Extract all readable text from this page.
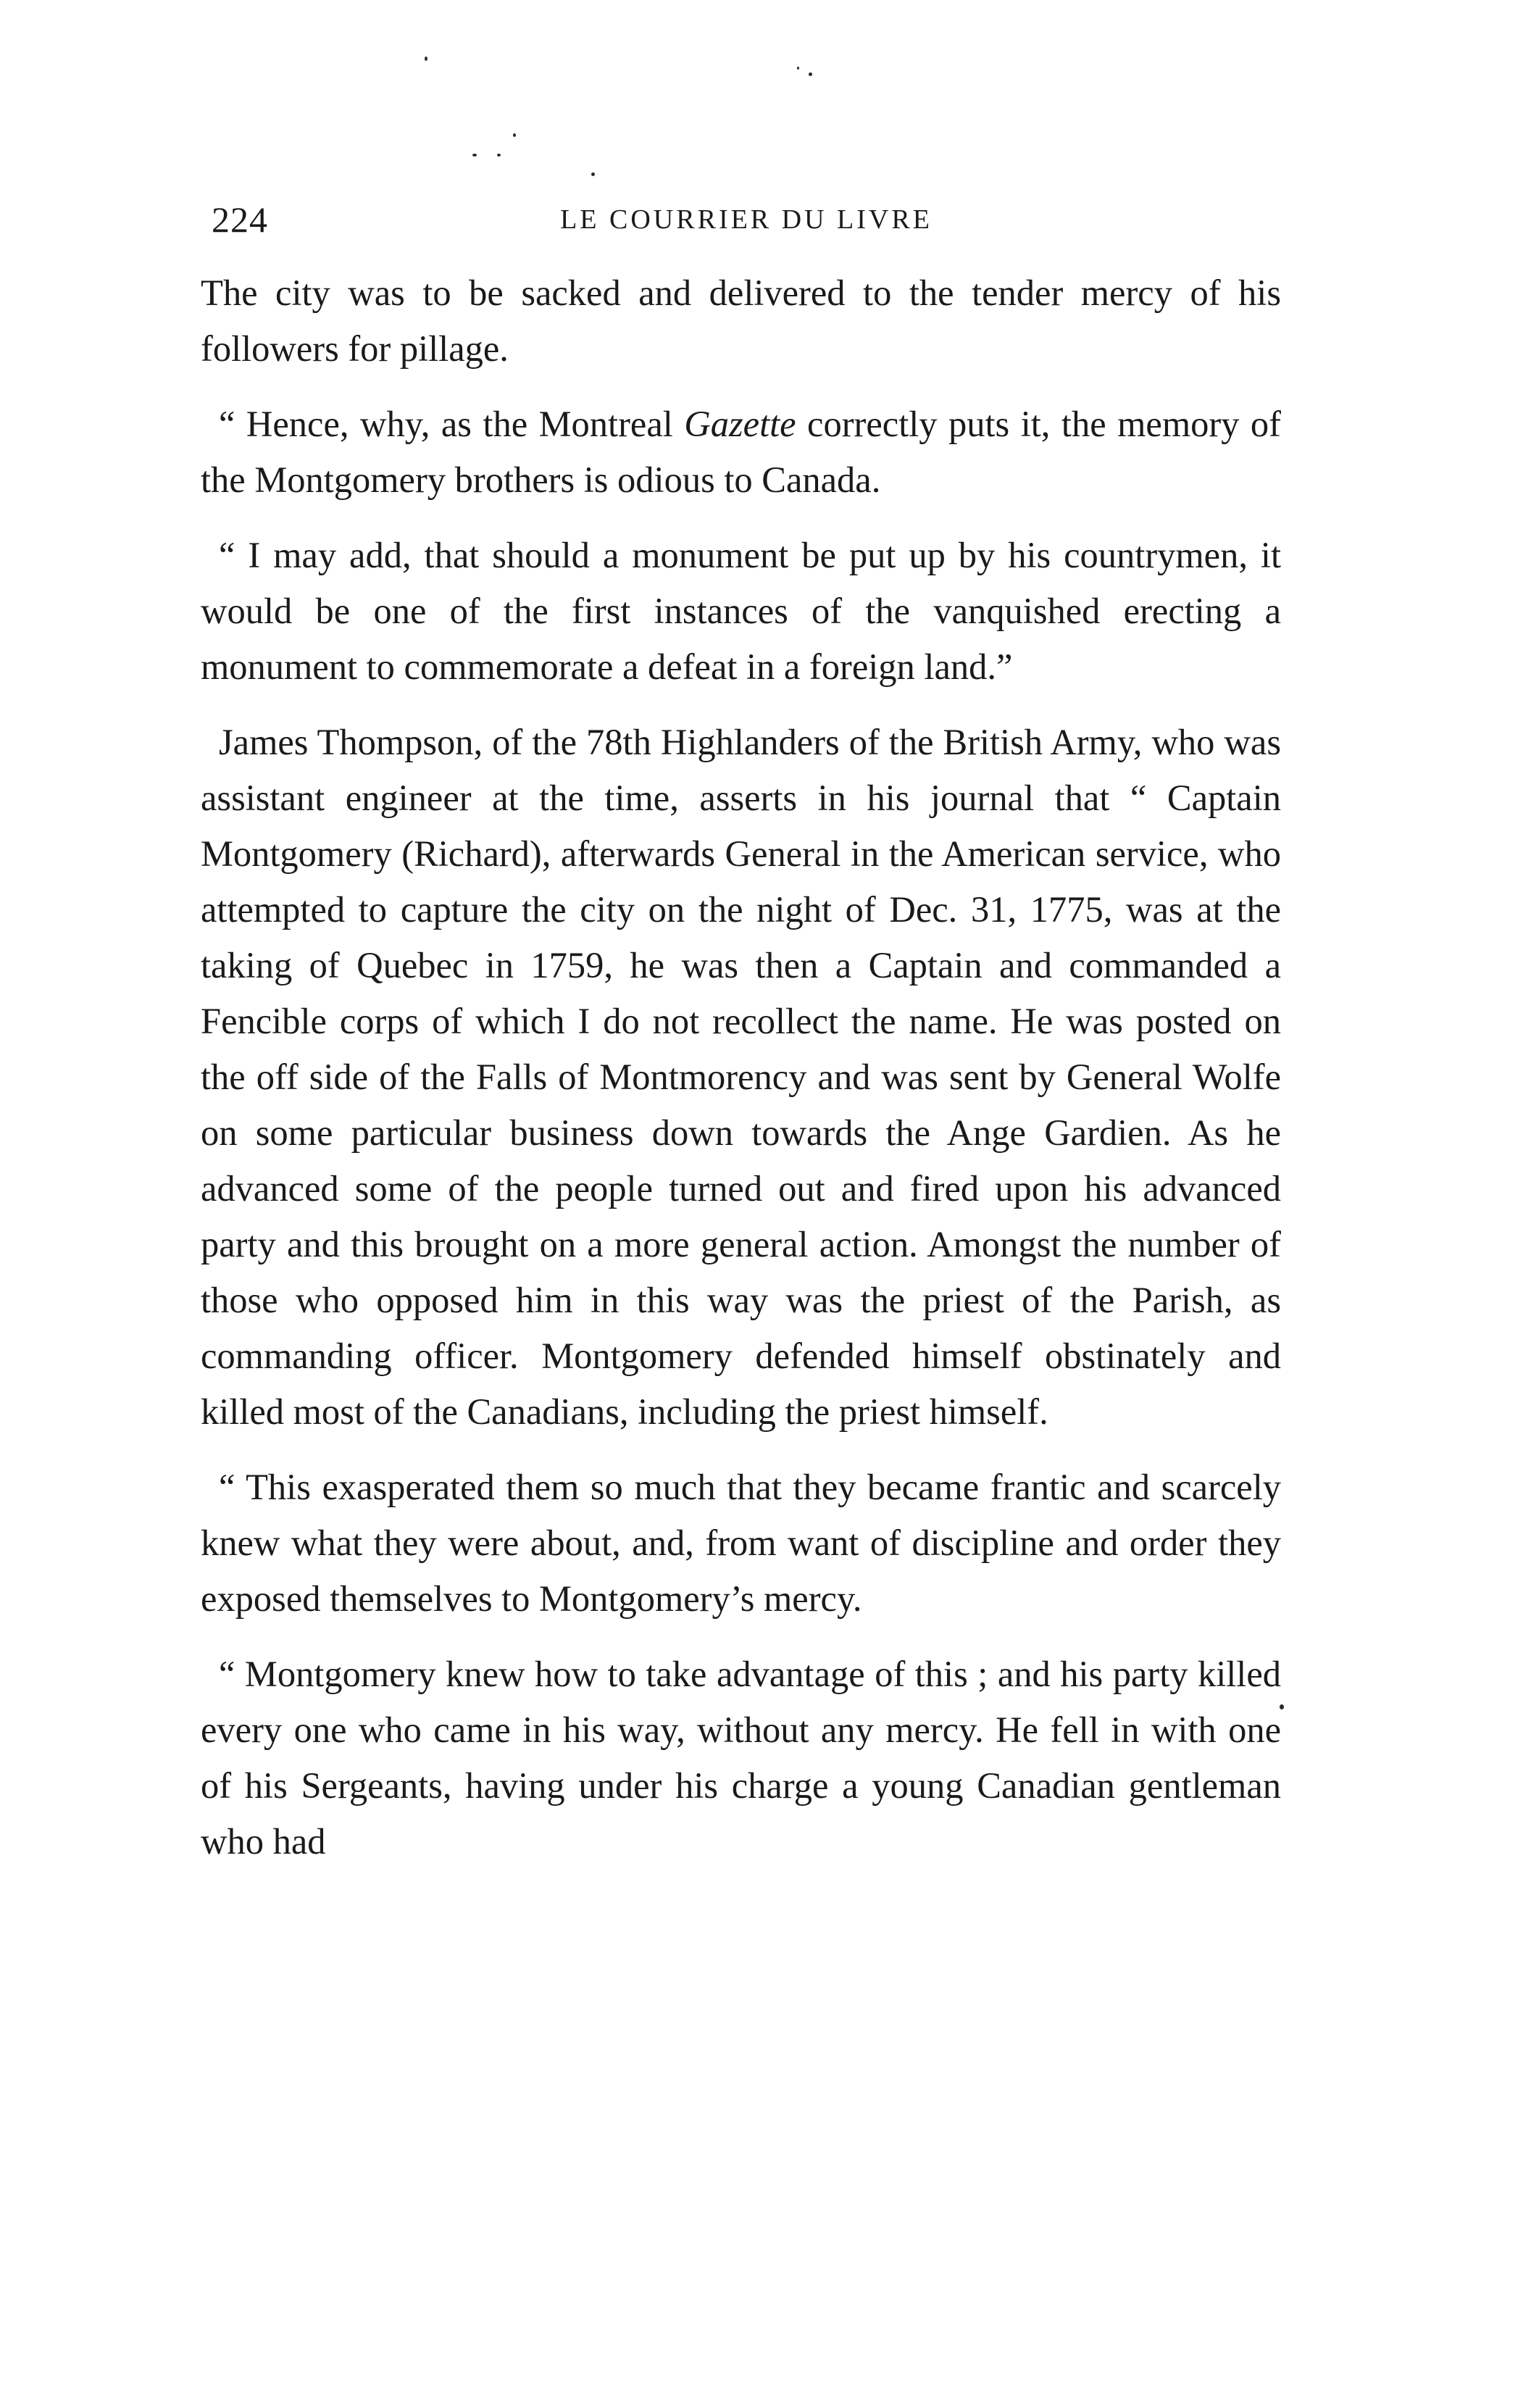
224	LE COURRIER DU LIVRE

The city was to be sacked and delivered to the tender mercy of his followers for pillage.

“ Hence, why, as the Montreal Gazette correctly puts it, the memory of the Montgomery brothers is odious to Canada.

“ I may add, that should a monument be put up by his countrymen, it would be one of the first instances of the vanquished erecting a monument to commemorate a defeat in a foreign land.”

James Thompson, of the 78th Highlanders of the British Army, who was assistant engineer at the time, asserts in his journal that “ Captain Montgomery (Richard), afterwards General in the American service, who attempted to capture the city on the night of Dec. 31, 1775, was at the taking of Quebec in 1759, he was then a Captain and commanded a Fencible corps of which I do not recollect the name. He was posted on the off side of the Falls of Montmorency and was sent by General Wolfe on some particular business down towards the Ange Gardien. As he advanced some of the people turned out and fired upon his advanced party and this brought on a more general action. Amongst the number of those who opposed him in this way was the priest of the Parish, as commanding officer. Montgomery defended himself obstinately and killed most of the Canadians, including the priest himself.

“ This exasperated them so much that they became frantic and scarcely knew what they were about, and, from want of discipline and order they exposed themselves to Montgomery’s mercy.

“ Montgomery knew how to take advantage of this ; and his party killed every one who came in his way, without any mercy. He fell in with one of his Sergeants, having under his charge a young Canadian gentleman who had
